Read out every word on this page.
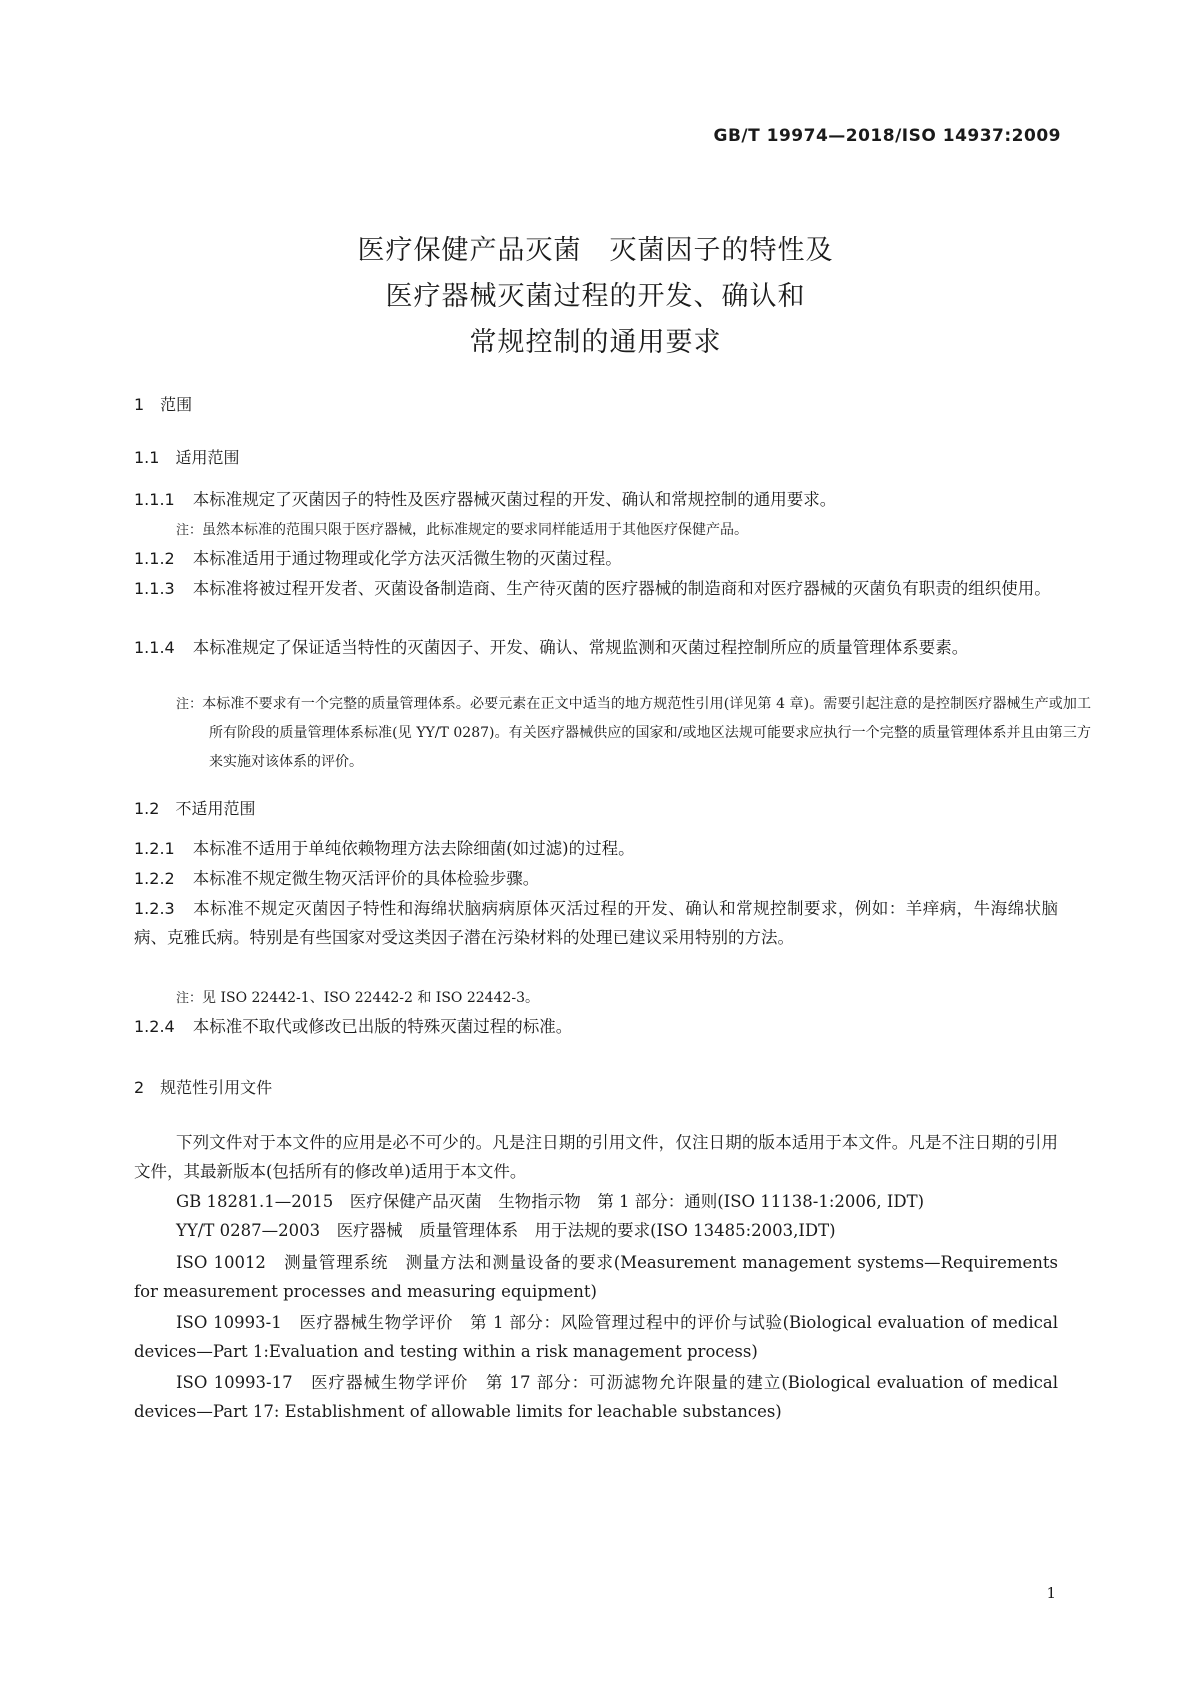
GB/T 19974—2018/ISO 14937:2009
医疗保健产品灭菌　灭菌因子的特性及
医疗器械灭菌过程的开发、确认和
常规控制的通用要求
1　范围
1.1　适用范围
1.1.1 本标准规定了灭菌因子的特性及医疗器械灭菌过程的开发、确认和常规控制的通用要求。
注：虽然本标准的范围只限于医疗器械，此标准规定的要求同样能适用于其他医疗保健产品。
1.1.2 本标准适用于通过物理或化学方法灭活微生物的灭菌过程。
1.1.3 本标准将被过程开发者、灭菌设备制造商、生产待灭菌的医疗器械的制造商和对医疗器械的灭菌负有职责的组织使用。
1.1.4 本标准规定了保证适当特性的灭菌因子、开发、确认、常规监测和灭菌过程控制所应的质量管理体系要素。
注：本标准不要求有一个完整的质量管理体系。必要元素在正文中适当的地方规范性引用(详见第 4 章)。需要引起注意的是控制医疗器械生产或加工所有阶段的质量管理体系标准(见 YY/T 0287)。有关医疗器械供应的国家和/或地区法规可能要求应执行一个完整的质量管理体系并且由第三方来实施对该体系的评价。
1.2　不适用范围
1.2.1 本标准不适用于单纯依赖物理方法去除细菌(如过滤)的过程。
1.2.2 本标准不规定微生物灭活评价的具体检验步骤。
1.2.3 本标准不规定灭菌因子特性和海绵状脑病病原体灭活过程的开发、确认和常规控制要求，例如：羊痒病，牛海绵状脑病、克雅氏病。特别是有些国家对受这类因子潜在污染材料的处理已建议采用特别的方法。
注：见 ISO 22442-1、ISO 22442-2 和 ISO 22442-3。
1.2.4 本标准不取代或修改已出版的特殊灭菌过程的标准。
2　规范性引用文件
下列文件对于本文件的应用是必不可少的。凡是注日期的引用文件，仅注日期的版本适用于本文件。凡是不注日期的引用文件，其最新版本(包括所有的修改单)适用于本文件。
GB 18281.1—2015　医疗保健产品灭菌　生物指示物　第 1 部分：通则(ISO 11138-1:2006, IDT)
YY/T 0287—2003　医疗器械　质量管理体系　用于法规的要求(ISO 13485:2003,IDT)
ISO 10012　测量管理系统　测量方法和测量设备的要求(Measurement management systems—Requirements for measurement processes and measuring equipment)
ISO 10993-1　医疗器械生物学评价　第 1 部分：风险管理过程中的评价与试验(Biological evaluation of medical devices—Part 1:Evaluation and testing within a risk management process)
ISO 10993-17　医疗器械生物学评价　第 17 部分：可沥滤物允许限量的建立(Biological evaluation of medical devices—Part 17: Establishment of allowable limits for leachable substances)
1
